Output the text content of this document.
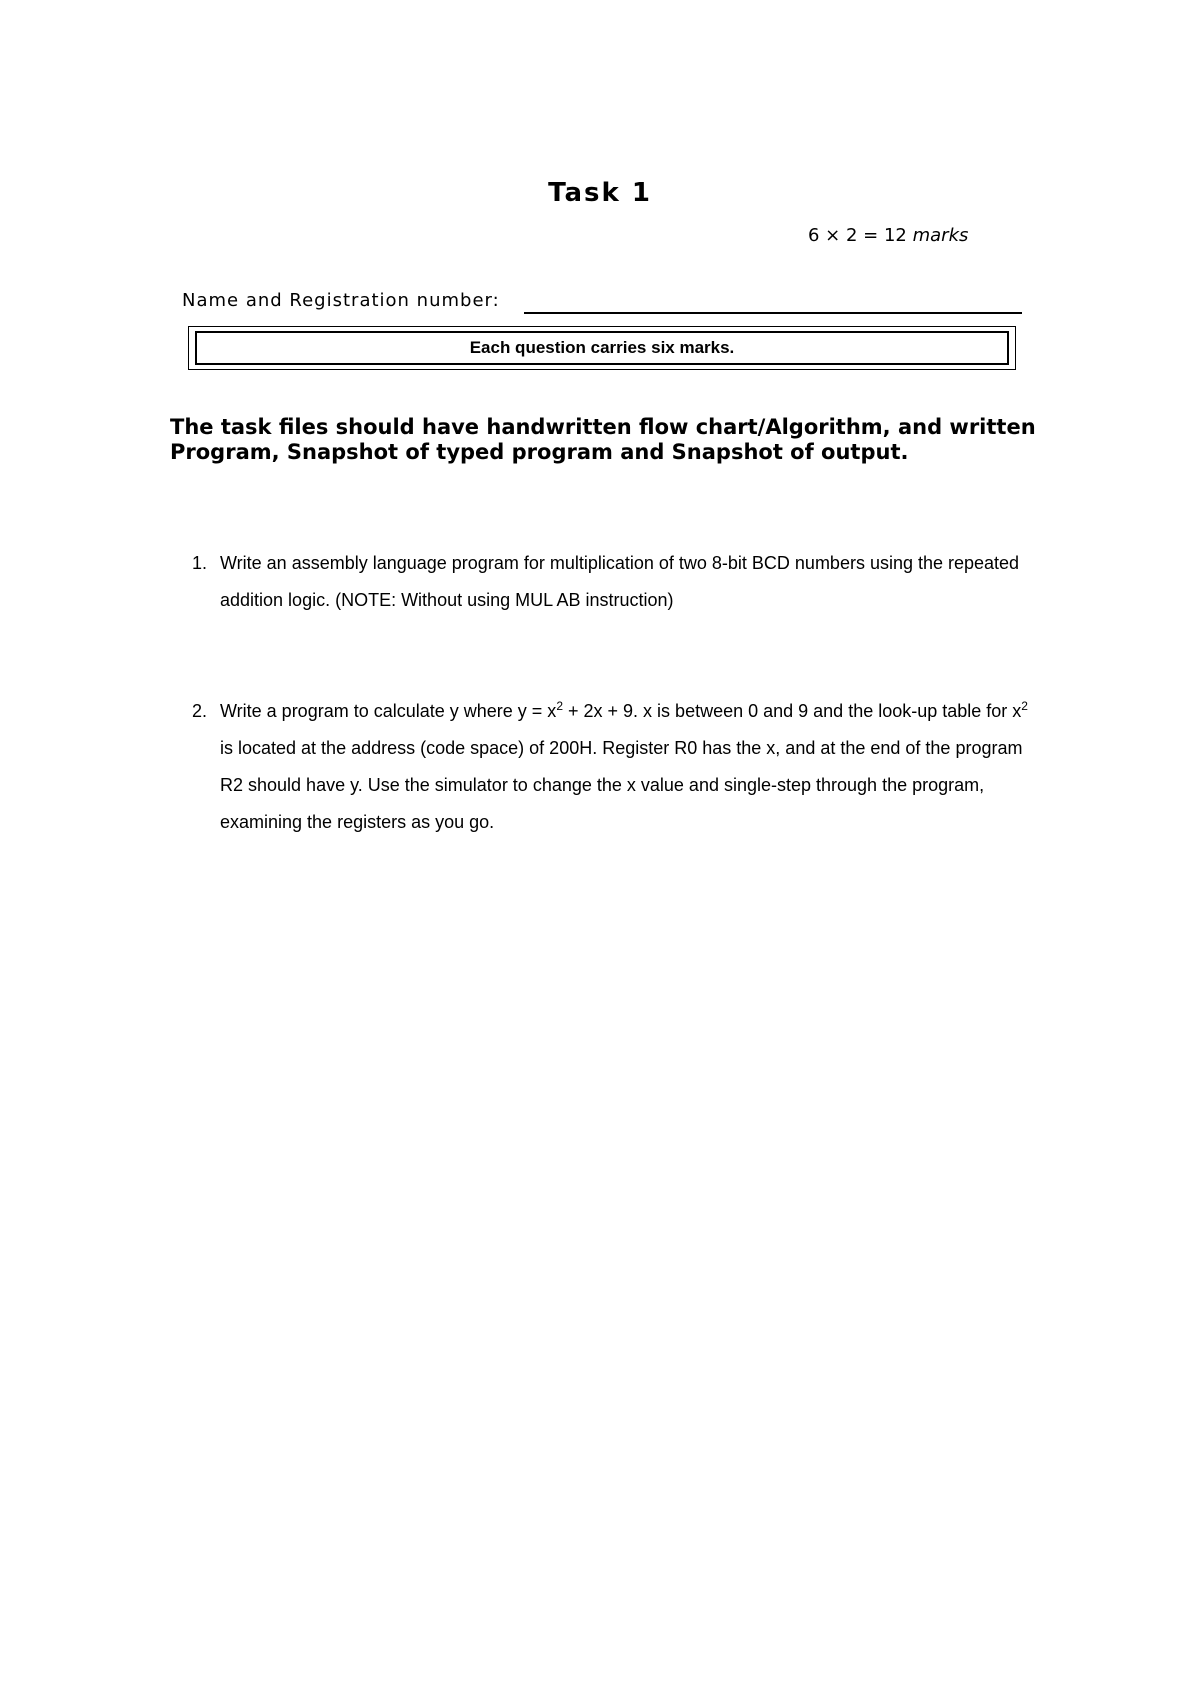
Task 1
6 × 2 = 12 marks
Name and Registration number:
Each question carries six marks.
The task files should have handwritten flow chart/Algorithm, and written Program, Snapshot of typed program and Snapshot of output.
1. Write an assembly language program for multiplication of two 8-bit BCD numbers using the repeated addition logic. (NOTE: Without using MUL AB instruction)
2. Write a program to calculate y where $y = x^2 + 2x + 9$. x is between 0 and 9 and the look-up table for $x^2$ is located at the address (code space) of 200H. Register R0 has the x, and at the end of the program R2 should have y. Use the simulator to change the x value and single-step through the program, examining the registers as you go.
